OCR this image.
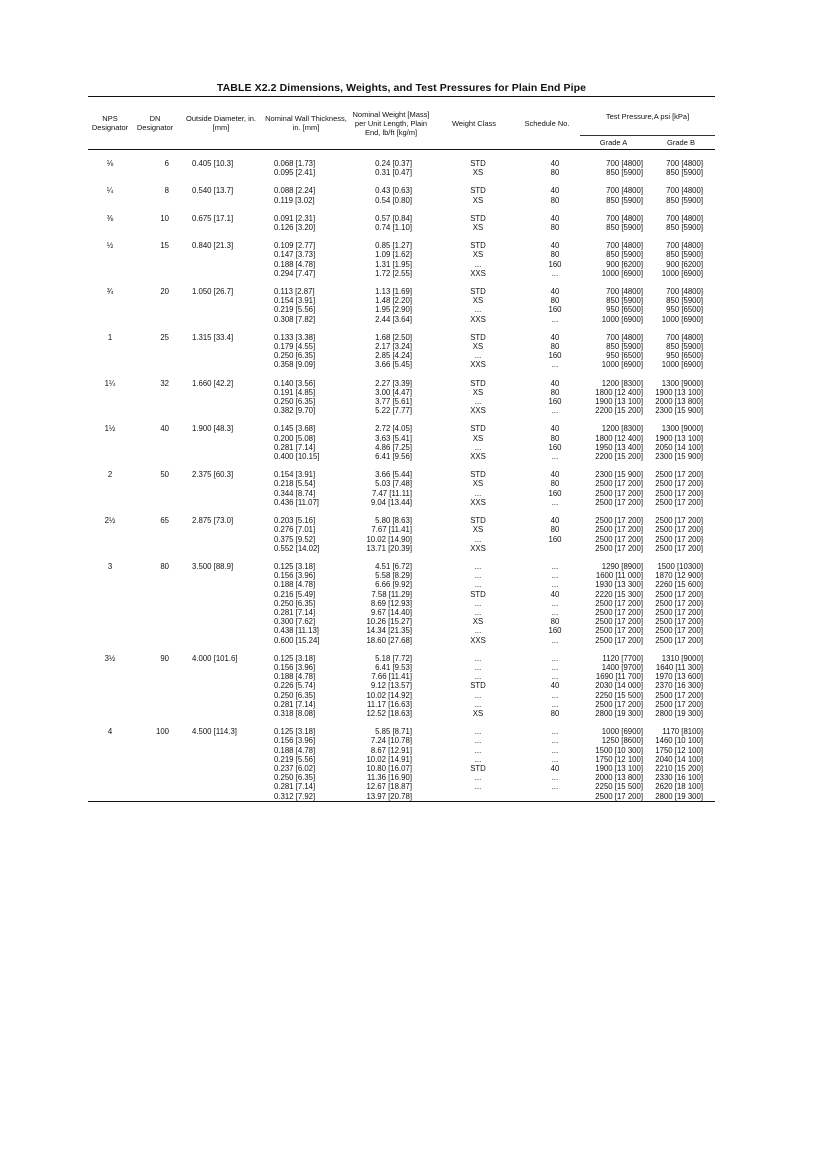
TABLE X2.2 Dimensions, Weights, and Test Pressures for Plain End Pipe
NPS Designator	DN Designator	Outside Diameter, in. [mm]	Nominal Wall Thickness, in. [mm]	Nominal Weight [Mass] per Unit Length, Plain End, lb/ft [kg/m]	Weight Class	Schedule No.	Test Pressure,A psi [kPa]	
							Grade A	Grade B

⅛	6	0.405 [10.3]	0.068 [1.73]	0.24 [0.37]	STD	40	700 [4800]	700 [4800]
			0.095 [2.41]	0.31 [0.47]	XS	80	850 [5900]	850 [5900]

¼	8	0.540 [13.7]	0.088 [2.24]	0.43 [0.63]	STD	40	700 [4800]	700 [4800]
			0.119 [3.02]	0.54 [0.80]	XS	80	850 [5900]	850 [5900]

⅜	10	0.675 [17.1]	0.091 [2.31]	0.57 [0.84]	STD	40	700 [4800]	700 [4800]
			0.126 [3.20]	0.74 [1.10]	XS	80	850 [5900]	850 [5900]

½	15	0.840 [21.3]	0.109 [2.77]	0.85 [1.27]	STD	40	700 [4800]	700 [4800]
			0.147 [3.73]	1.09 [1.62]	XS	80	850 [5900]	850 [5900]
			0.188 [4.78]	1.31 [1.95]	...	160	900 [6200]	900 [6200]
			0.294 [7.47]	1.72 [2.55]	XXS	...	1000 [6900]	1000 [6900]

¾	20	1.050 [26.7]	0.113 [2.87]	1.13 [1.69]	STD	40	700 [4800]	700 [4800]
			0.154 [3.91]	1.48 [2.20]	XS	80	850 [5900]	850 [5900]
			0.219 [5.56]	1.95 [2.90]	...	160	950 [6500]	950 [6500]
			0.308 [7.82]	2.44 [3.64]	XXS	...	1000 [6900]	1000 [6900]

1	25	1.315 [33.4]	0.133 [3.38]	1.68 [2.50]	STD	40	700 [4800]	700 [4800]
			0.179 [4.55]	2.17 [3.24]	XS	80	850 [5900]	850 [5900]
			0.250 [6.35]	2.85 [4.24]	...	160	950 [6500]	950 [6500]
			0.358 [9.09]	3.66 [5.45]	XXS	...	1000 [6900]	1000 [6900]

1¼	32	1.660 [42.2]	0.140 [3.56]	2.27 [3.39]	STD	40	1200 [8300]	1300 [9000]
			0.191 [4.85]	3.00 [4.47]	XS	80	1800 [12 400]	1900 [13 100]
			0.250 [6.35]	3.77 [5.61]	...	160	1900 [13 100]	2000 [13 800]
			0.382 [9.70]	5.22 [7.77]	XXS	...	2200 [15 200]	2300 [15 900]

1½	40	1.900 [48.3]	0.145 [3.68]	2.72 [4.05]	STD	40	1200 [8300]	1300 [9000]
			0.200 [5.08]	3.63 [5.41]	XS	80	1800 [12 400]	1900 [13 100]
			0.281 [7.14]	4.86 [7.25]	...	160	1950 [13 400]	2050 [14 100]
			0.400 [10.15]	6.41 [9.56]	XXS	...	2200 [15 200]	2300 [15 900]

2	50	2.375 [60.3]	0.154 [3.91]	3.66 [5.44]	STD	40	2300 [15 900]	2500 [17 200]
			0.218 [5.54]	5.03 [7.48]	XS	80	2500 [17 200]	2500 [17 200]
			0.344 [8.74]	7.47 [11.11]	...	160	2500 [17 200]	2500 [17 200]
			0.436 [11.07]	9.04 [13.44]	XXS	...	2500 [17 200]	2500 [17 200]

2½	65	2.875 [73.0]	0.203 [5.16]	5.80 [8.63]	STD	40	2500 [17 200]	2500 [17 200]
			0.276 [7.01]	7.67 [11.41]	XS	80	2500 [17 200]	2500 [17 200]
			0.375 [9.52]	10.02 [14.90]	...	160	2500 [17 200]	2500 [17 200]
			0.552 [14.02]	13.71 [20.39]	XXS		2500 [17 200]	2500 [17 200]

3	80	3.500 [88.9]	0.125 [3.18]	4.51 [6.72]	...	...	1290 [8900]	1500 [10300]
			0.156 [3.96]	5.58 [8.29]	...	...	1600 [11 000]	1870 [12 900]
			0.188 [4.78]	6.66 [9.92]	...	...	1930 [13 300]	2260 [15 600]
			0.216 [5.49]	7.58 [11.29]	STD	40	2220 [15 300]	2500 [17 200]
			0.250 [6.35]	8.69 [12.93]	...	...	2500 [17 200]	2500 [17 200]
			0.281 [7.14]	9.67 [14.40]	...	...	2500 [17 200]	2500 [17 200]
			0.300 [7.62]	10.26 [15.27]	XS	80	2500 [17 200]	2500 [17 200]
			0.438 [11.13]	14.34 [21.35]	...	160	2500 [17 200]	2500 [17 200]
			0.600 [15.24]	18.60 [27.68]	XXS	...	2500 [17 200]	2500 [17 200]

3½	90	4.000 [101.6]	0.125 [3.18]	5.18 [7.72]	...	...	1120 [7700]	1310 [9000]
			0.156 [3.96]	6.41 [9.53]	...	...	1400 [9700]	1640 [11 300]
			0.188 [4.78]	7.66 [11.41]	...	...	1690 [11 700]	1970 [13 600]
			0.226 [5.74]	9.12 [13.57]	STD	40	2030 [14 000]	2370 [16 300]
			0.250 [6.35]	10.02 [14.92]	...	...	2250 [15 500]	2500 [17 200]
			0.281 [7.14]	11.17 [16.63]	...	...	2500 [17 200]	2500 [17 200]
			0.318 [8.08]	12.52 [18.63]	XS	80	2800 [19 300]	2800 [19 300]

4	100	4.500 [114.3]	0.125 [3.18]	5.85 [8.71]	...	...	1000 [6900]	1170 [8100]
			0.156 [3.96]	7.24 [10.78]	...	...	1250 [8600]	1460 [10 100]
			0.188 [4.78]	8.67 [12.91]	...	...	1500 [10 300]	1750 [12 100]
			0.219 [5.56]	10.02 [14.91]	...	...	1750 [12 100]	2040 [14 100]
			0.237 [6.02]	10.80 [16.07]	STD	40	1900 [13 100]	2210 [15 200]
			0.250 [6.35]	11.36 [16.90]	...	...	2000 [13 800]	2330 [16 100]
			0.281 [7.14]	12.67 [18.87]	...	...	2250 [15 500]	2620 [18 100]
			0.312 [7.92]	13.97 [20.78]			2500 [17 200]	2800 [19 300]
